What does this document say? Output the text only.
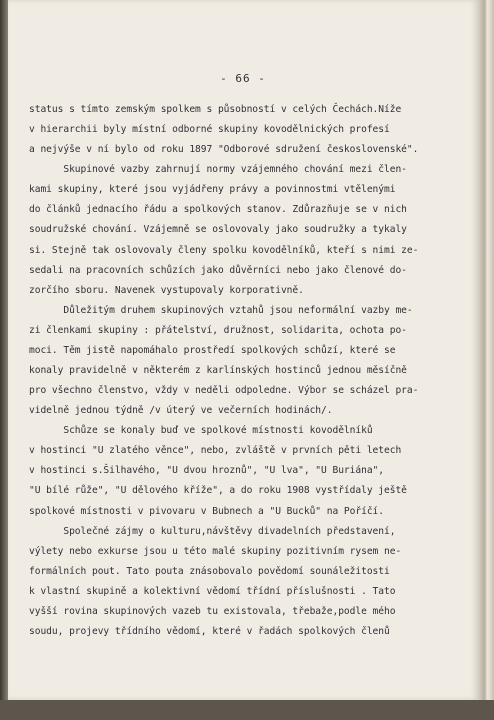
- 66 -
status s tímto zemským spolkem s působností v celých Čechách.Níže
v hierarchii byly místní odborné skupiny kovodělnických profesí
a nejvýše v ní bylo od roku 1897 "Odborové sdružení československé".
Skupinové vazby zahrnují normy vzájemného chování mezi člen-
kami skupiny, které jsou vyjádřeny právy a povinnostmi vtělenými
do článků jednacího řádu a spolkových stanov. Zdůrazňuje se v nich
soudružské chování. Vzájemně se oslovovaly jako soudružky a tykaly
si. Stejně tak oslovovaly členy spolku kovodělníků, kteří s nimi ze-
sedali na pracovních schůzích jako důvěrníci nebo jako členové do-
zorčího sboru. Navenek vystupovaly korporativně.
Důležitým druhem skupinových vztahů jsou neformální vazby me-
zi členkami skupiny : přátelství, družnost, solidarita, ochota po-
moci. Těm jistě napomáhalo prostředí spolkových schůzí, které se
konaly pravidelně v některém z karlínských hostinců jednou měsíčně
pro všechno členstvo, vždy v neděli odpoledne. Výbor se scházel pra-
videlně jednou týdně /v úterý ve večerních hodinách/.
Schůze se konaly buď ve spolkové místnosti kovodělníků
v hostinci "U zlatého věnce", nebo, zvláště v prvních pěti letech
v hostinci s.Šilhavého, "U dvou hroznů", "U lva", "U Buriána",
"U bílé růže", "U dělového kříže", a do roku 1908 vystřídaly ještě
spolkové místnosti v pivovaru v Bubnech a "U Bucků" na Poříčí.
Společné zájmy o kulturu,návštěvy divadelních představení,
výlety nebo exkurse jsou u této malé skupiny pozitivním rysem ne-
formálních pout. Tato pouta znásobovalo povědomí sounáležitosti
k vlastní skupině a kolektivní vědomí třídní příslušnosti . Tato
vyšší rovina skupinových vazeb tu existovala, třebaže,podle mého
soudu, projevy třídního vědomí, které v řadách spolkových členů
